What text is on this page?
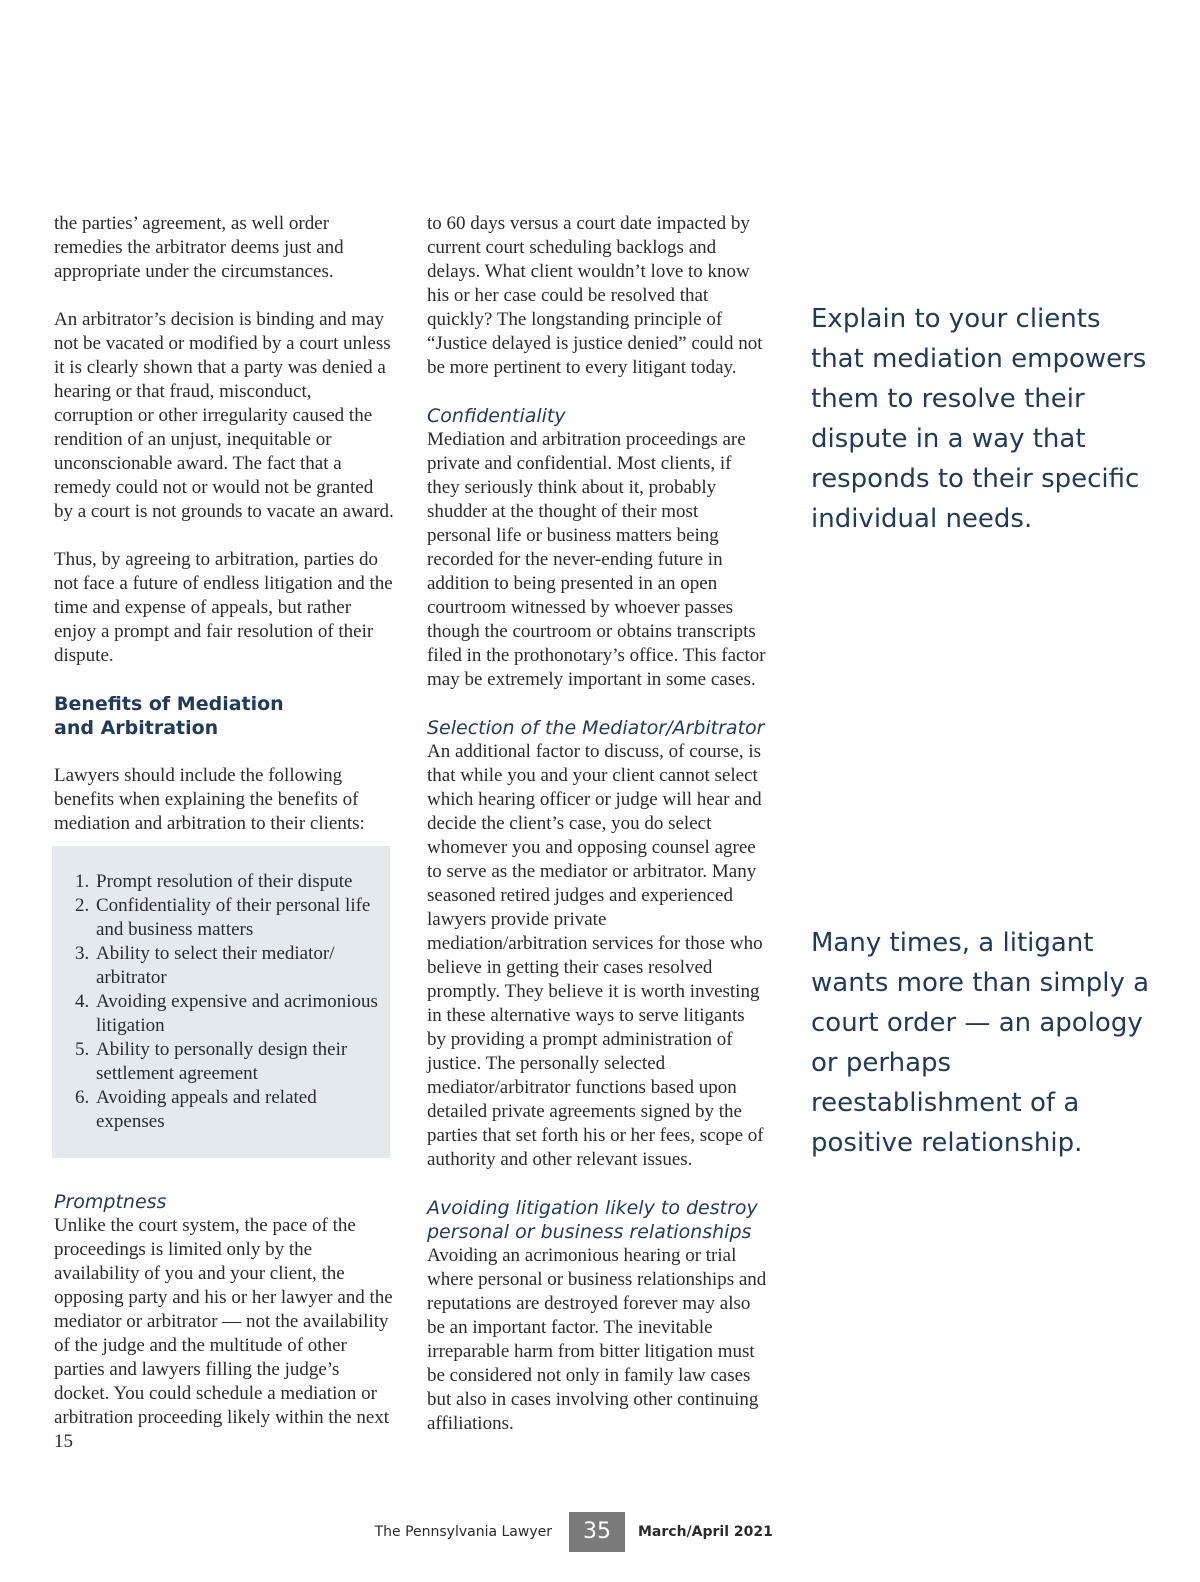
the parties’ agreement, as well order remedies the arbitrator deems just and appropriate under the circumstances.

An arbitrator’s decision is binding and may not be vacated or modified by a court unless it is clearly shown that a party was denied a hearing or that fraud, misconduct, corruption or other irregularity caused the rendition of an unjust, inequitable or unconscionable award. The fact that a remedy could not or would not be granted by a court is not grounds to vacate an award.

Thus, by agreeing to arbitration, parties do not face a future of endless litigation and the time and expense of appeals, but rather enjoy a prompt and fair resolution of their dispute.

Benefits of Mediation
and Arbitration

Lawyers should include the following benefits when explaining the benefits of mediation and arbitration to their clients:

1. Prompt resolution of their dispute
2. Confidentiality of their personal life and business matters
3. Ability to select their mediator/ arbitrator
4. Avoiding expensive and acrimonious litigation
5. Ability to personally design their settlement agreement
6. Avoiding appeals and related expenses
Promptness

Unlike the court system, the pace of the proceedings is limited only by the availability of you and your client, the opposing party and his or her lawyer and the mediator or arbitrator — not the availability of the judge and the multitude of other parties and lawyers filling the judge’s docket. You could schedule a mediation or arbitration proceeding likely within the next 15

to 60 days versus a court date impacted by current court scheduling backlogs and delays. What client wouldn’t love to know his or her case could be resolved that quickly? The longstanding principle of “Justice delayed is justice denied” could not be more pertinent to every litigant today.

Confidentiality

Mediation and arbitration proceedings are private and confidential. Most clients, if they seriously think about it, probably shudder at the thought of their most personal life or business matters being recorded for the never-ending future in addition to being presented in an open courtroom witnessed by whoever passes though the courtroom or obtains transcripts filed in the prothonotary’s office. This factor may be extremely important in some cases.

Selection of the Mediator/Arbitrator

An additional factor to discuss, of course, is that while you and your client cannot select which hearing officer or judge will hear and decide the client’s case, you do select whomever you and opposing counsel agree to serve as the mediator or arbitrator. Many seasoned retired judges and experienced lawyers provide private mediation/arbitration services for those who believe in getting their cases resolved promptly. They believe it is worth investing in these alternative ways to serve litigants by providing a prompt administration of justice. The personally selected mediator/arbitrator functions based upon detailed private agreements signed by the parties that set forth his or her fees, scope of authority and other relevant issues.

Avoiding litigation likely to destroy
personal or business relationships

Avoiding an acrimonious hearing or trial where personal or business relationships and reputations are destroyed forever may also be an important factor. The inevitable irreparable harm from bitter litigation must be considered not only in family law cases but also in cases involving other continuing affiliations.

Explain to your clients that mediation empowers them to resolve their dispute in a way that responds to their specific individual needs.
Many times, a litigant wants more than simply a court order — an apology or perhaps reestablishment of a positive relationship.
The Pennsylvania Lawyer	35	March/April 2021
